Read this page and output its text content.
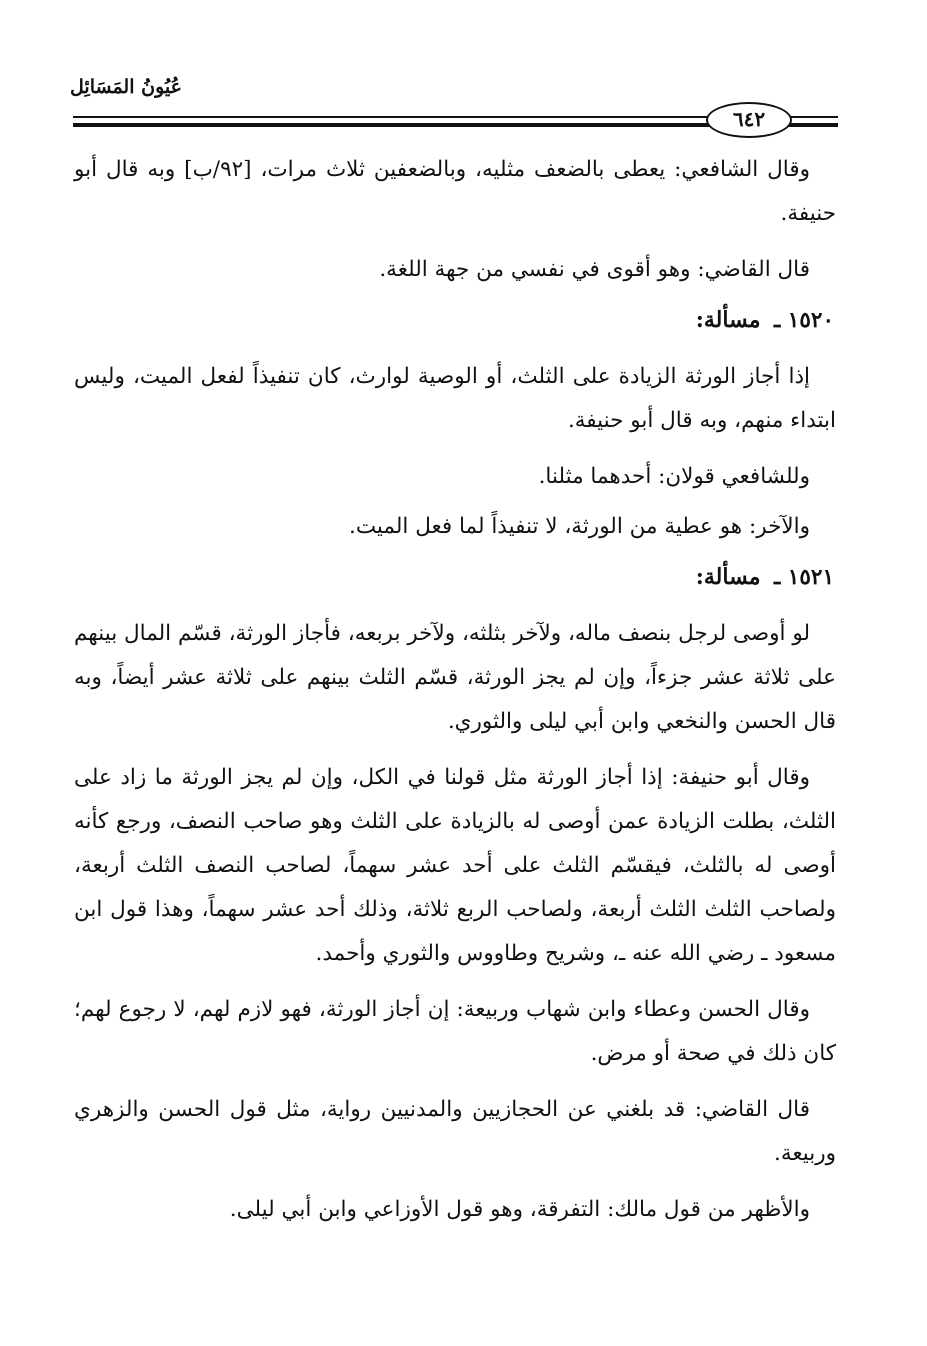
عُيُونُ المَسَائِل
٦٤٢

وقال الشافعي: يعطى بالضعف مثليه، وبالضعفين ثلاث مرات، [٩٢/ب] وبه قال أبو حنيفة.

قال القاضي: وهو أقوى في نفسي من جهة اللغة.

١٥٢٠ ـ مسألة:

إذا أجاز الورثة الزيادة على الثلث، أو الوصية لوارث، كان تنفيذاً لفعل الميت، وليس ابتداء منهم، وبه قال أبو حنيفة.

وللشافعي قولان: أحدهما مثلنا.

والآخر: هو عطية من الورثة، لا تنفيذاً لما فعل الميت.

١٥٢١ ـ مسألة:

لو أوصى لرجل بنصف ماله، ولآخر بثلثه، ولآخر بربعه، فأجاز الورثة، قسّم المال بينهم على ثلاثة عشر جزءاً، وإن لم يجز الورثة، قسّم الثلث بينهم على ثلاثة عشر أيضاً، وبه قال الحسن والنخعي وابن أبي ليلى والثوري.

وقال أبو حنيفة: إذا أجاز الورثة مثل قولنا في الكل، وإن لم يجز الورثة ما زاد على الثلث، بطلت الزيادة عمن أوصى له بالزيادة على الثلث وهو صاحب النصف، ورجع كأنه أوصى له بالثلث، فيقسّم الثلث على أحد عشر سهماً، لصاحب النصف الثلث أربعة، ولصاحب الثلث الثلث أربعة، ولصاحب الربع ثلاثة، وذلك أحد عشر سهماً، وهذا قول ابن مسعود ـ رضي الله عنه ـ، وشريح وطاووس والثوري وأحمد.

وقال الحسن وعطاء وابن شهاب وربيعة: إن أجاز الورثة، فهو لازم لهم، لا رجوع لهم؛ كان ذلك في صحة أو مرض.

قال القاضي: قد بلغني عن الحجازيين والمدنيين رواية، مثل قول الحسن والزهري وربيعة.

والأظهر من قول مالك: التفرقة، وهو قول الأوزاعي وابن أبي ليلى.
